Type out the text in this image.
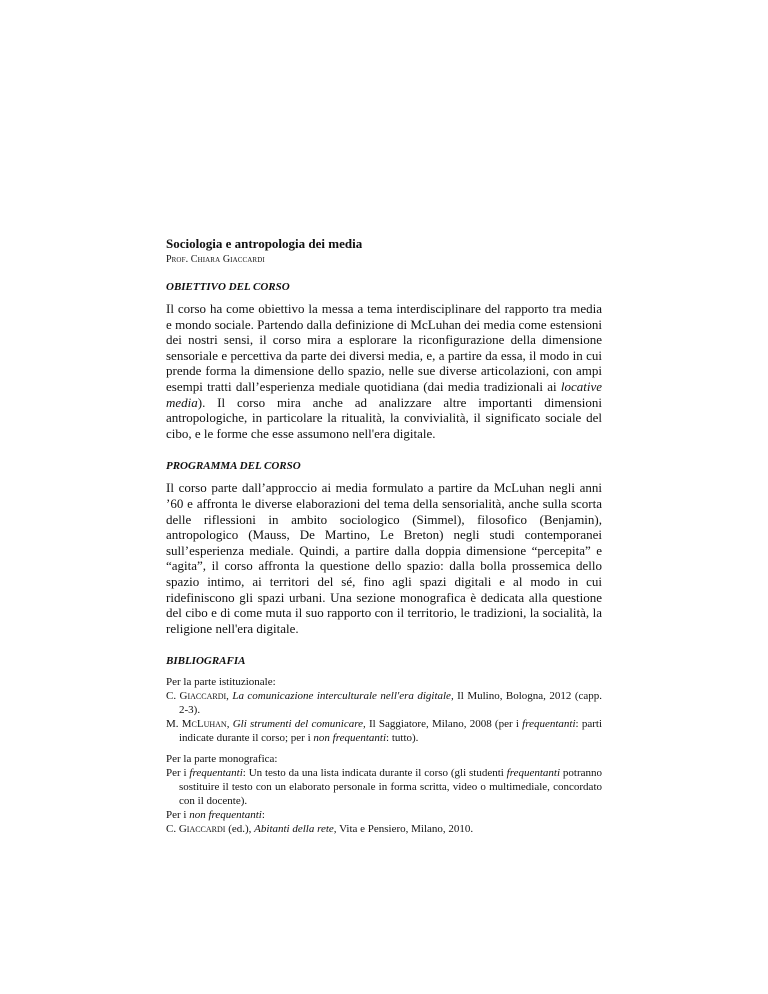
Sociologia e antropologia dei media

Prof. Chiara Giaccardi

OBIETTIVO DEL CORSO

Il corso ha come obiettivo la messa a tema interdisciplinare del rapporto tra media e mondo sociale. Partendo dalla definizione di McLuhan dei media come estensioni dei nostri sensi, il corso mira a esplorare la riconfigurazione della dimensione sensoriale e percettiva da parte dei diversi media, e, a partire da essa, il modo in cui prende forma la dimensione dello spazio, nelle sue diverse articolazioni, con ampi esempi tratti dall’esperienza mediale quotidiana (dai media tradizionali ai locative media). Il corso mira anche ad analizzare altre importanti dimensioni antropologiche, in particolare la ritualità, la convivialità, il significato sociale del cibo, e le forme che esse assumono nell'era digitale.

PROGRAMMA DEL CORSO

Il corso parte dall’approccio ai media formulato a partire da McLuhan negli anni ’60 e affronta le diverse elaborazioni del tema della sensorialità, anche sulla scorta delle riflessioni in ambito sociologico (Simmel), filosofico (Benjamin), antropologico (Mauss, De Martino, Le Breton) negli studi contemporanei sull’esperienza mediale. Quindi, a partire dalla doppia dimensione “percepita” e “agita”, il corso affronta la questione dello spazio: dalla bolla prossemica dello spazio intimo, ai territori del sé, fino agli spazi digitali e al modo in cui ridefiniscono gli spazi urbani. Una sezione monografica è dedicata alla questione del cibo e di come muta il suo rapporto con il territorio, le tradizioni, la socialità, la religione nell'era digitale.

BIBLIOGRAFIA

Per la parte istituzionale:

C. Giaccardi, La comunicazione interculturale nell'era digitale, Il Mulino, Bologna, 2012 (capp. 2-3).

M. McLuhan, Gli strumenti del comunicare, Il Saggiatore, Milano, 2008 (per i frequentanti: parti indicate durante il corso; per i non frequentanti: tutto).

Per la parte monografica:

Per i frequentanti: Un testo da una lista indicata durante il corso (gli studenti frequentanti potranno sostituire il testo con un elaborato personale in forma scritta, video o multimediale, concordato con il docente).

Per i non frequentanti:

C. Giaccardi (ed.), Abitanti della rete, Vita e Pensiero, Milano, 2010.
